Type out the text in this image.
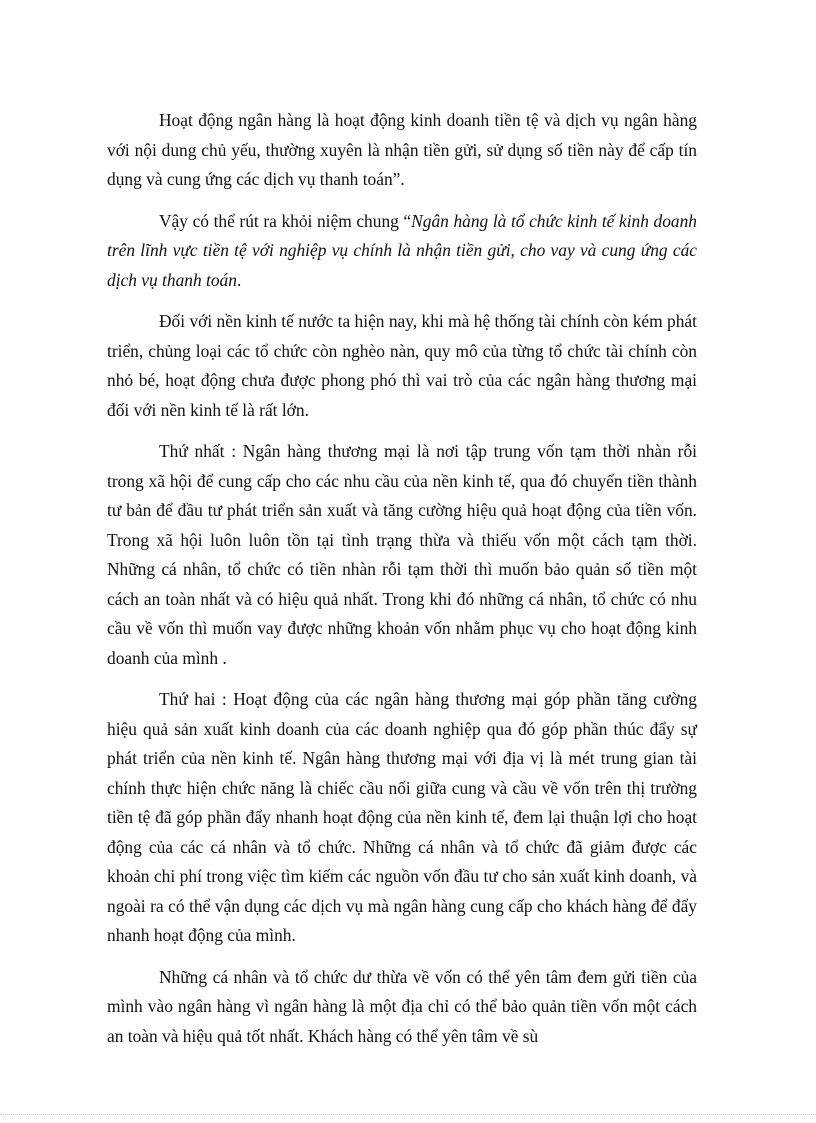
Hoạt động ngân hàng là hoạt động kinh doanh tiền tệ và dịch vụ ngân hàng với nội dung chủ yếu, thường xuyên là nhận tiền gửi, sử dụng số tiền này để cấp tín dụng và cung ứng các dịch vụ thanh toán”.

Vậy có thể rút ra khỏi niệm chung “Ngân hàng là tổ chức kinh tế kinh doanh trên lĩnh vực tiền tệ với nghiệp vụ chính là nhận tiền gửi, cho vay và cung ứng các dịch vụ thanh toán.

Đối với nền kinh tế nước ta hiện nay, khi mà hệ thống tài chính còn kém phát triển, chủng loại các tổ chức còn nghèo nàn, quy mô của từng tổ chức tài chính còn nhỏ bé, hoạt động chưa được phong phó thì vai trò của các ngân hàng thương mại đối với nền kinh tế là rất lớn.

Thứ nhất : Ngân hàng thương mại là nơi tập trung vốn tạm thời nhàn rỗi trong xã hội để cung cấp cho các nhu cầu của nền kinh tế, qua đó chuyển tiền thành tư bản để đầu tư phát triển sản xuất và tăng cường hiệu quả hoạt động của tiền vốn. Trong xã hội luôn luôn tồn tại tình trạng thừa và thiếu vốn một cách tạm thời. Những cá nhân, tổ chức có tiền nhàn rỗi tạm thời thì muốn bảo quản số tiền một cách an toàn nhất và có hiệu quả nhất. Trong khi đó những cá nhân, tổ chức có nhu cầu về vốn thì muốn vay được những khoản vốn nhằm phục vụ cho hoạt động kinh doanh của mình .

Thứ hai : Hoạt động của các ngân hàng thương mại góp phần tăng cường hiệu quả sản xuất kinh doanh của các doanh nghiệp qua đó góp phần thúc đẩy sự phát triển của nền kinh tế. Ngân hàng thương mại với địa vị là mét trung gian tài chính thực hiện chức năng là chiếc cầu nối giữa cung và cầu về vốn trên thị trường tiền tệ đã góp phần đẩy nhanh hoạt động của nền kinh tế, đem lại thuận lợi cho hoạt động của các cá nhân và tổ chức. Những cá nhân và tổ chức đã giảm được các khoản chi phí trong việc tìm kiếm các nguồn vốn đầu tư cho sản xuất kinh doanh, và ngoài ra có thể vận dụng các dịch vụ mà ngân hàng cung cấp cho khách hàng để đẩy nhanh hoạt động của mình.

Những cá nhân và tổ chức dư thừa về vốn có thể yên tâm đem gửi tiền của mình vào ngân hàng vì ngân hàng là một địa chỉ có thể bảo quản tiền vốn một cách an toàn và hiệu quả tốt nhất. Khách hàng có thể yên tâm về sù
